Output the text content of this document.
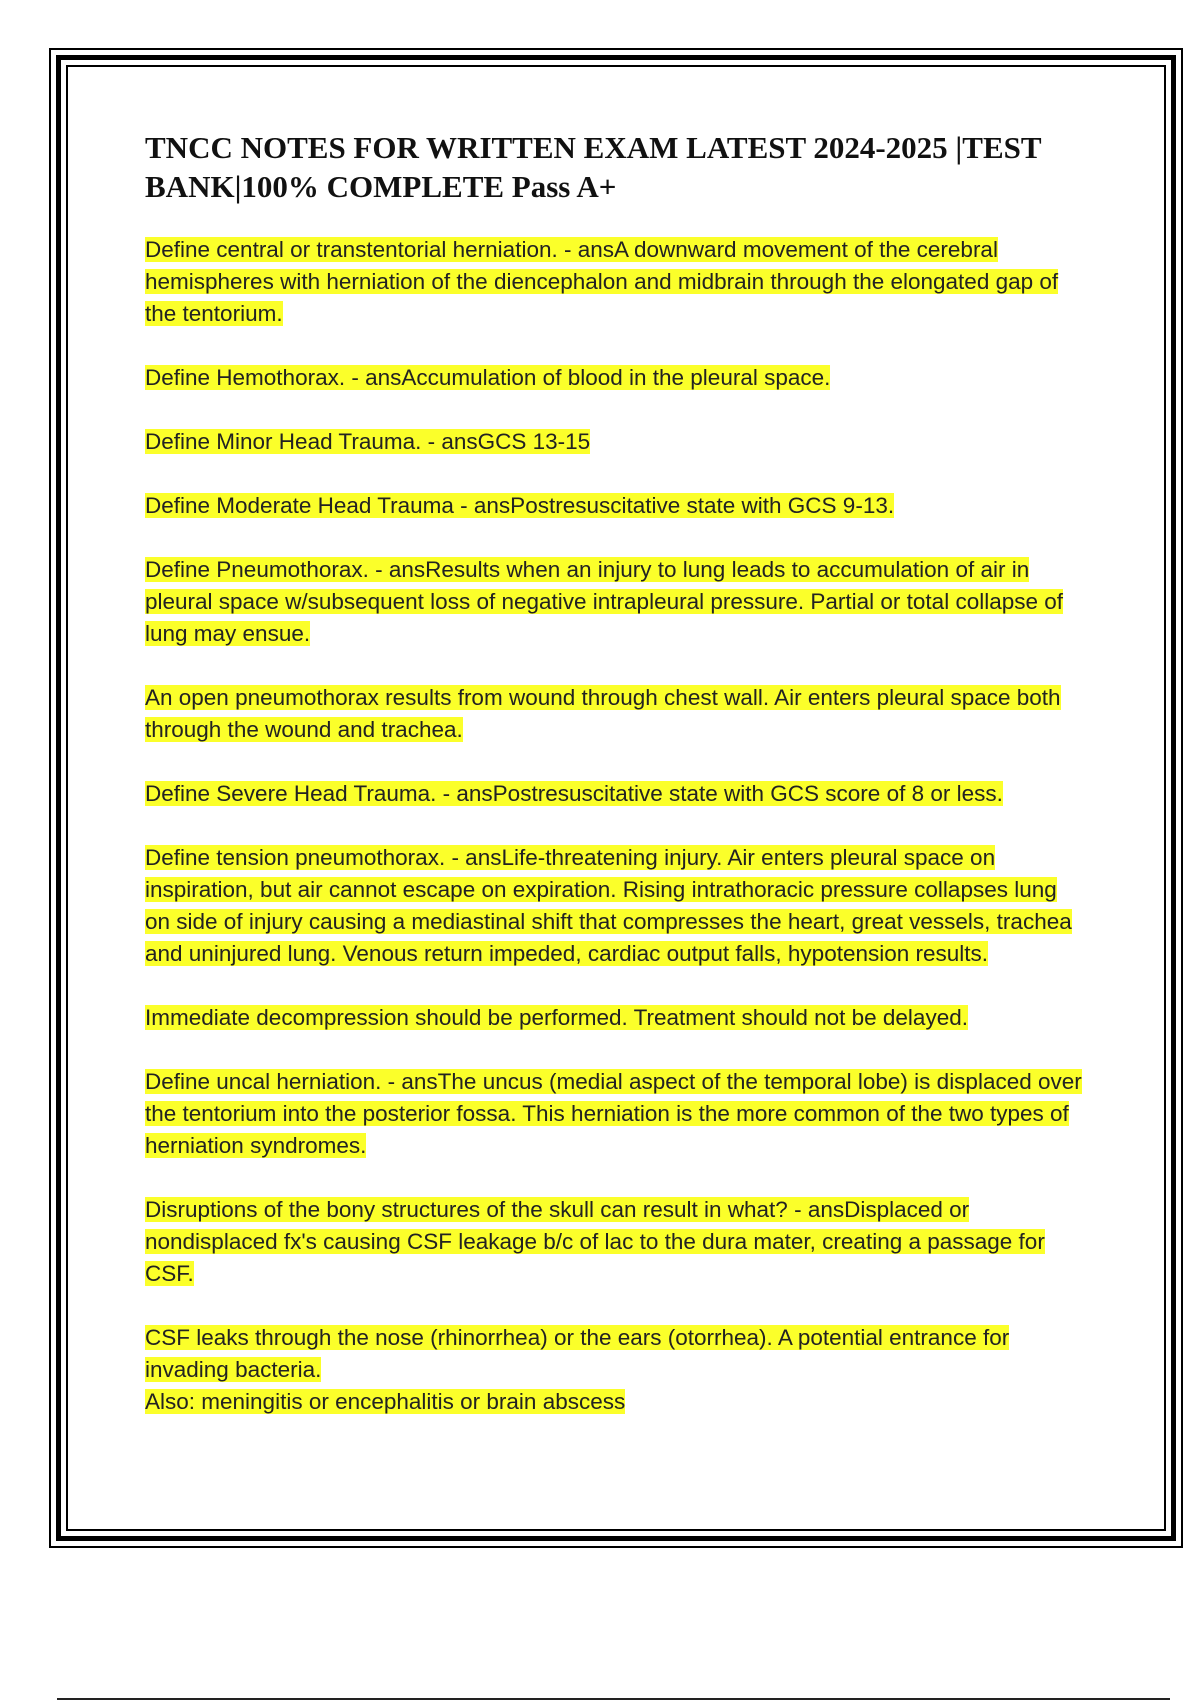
TNCC NOTES FOR WRITTEN EXAM LATEST 2024-2025 |TEST BANK|100% COMPLETE Pass A+

Define central or transtentorial herniation. - ansA downward movement of the cerebral hemispheres with herniation of the diencephalon and midbrain through the elongated gap of the tentorium.

Define Hemothorax. - ansAccumulation of blood in the pleural space.

Define Minor Head Trauma. - ansGCS 13-15

Define Moderate Head Trauma - ansPostresuscitative state with GCS 9-13.

Define Pneumothorax. - ansResults when an injury to lung leads to accumulation of air in pleural space w/subsequent loss of negative intrapleural pressure. Partial or total collapse of lung may ensue.

An open pneumothorax results from wound through chest wall. Air enters pleural space both through the wound and trachea.

Define Severe Head Trauma. - ansPostresuscitative state with GCS score of 8 or less.

Define tension pneumothorax. - ansLife-threatening injury. Air enters pleural space on inspiration, but air cannot escape on expiration. Rising intrathoracic pressure collapses lung on side of injury causing a mediastinal shift that compresses the heart, great vessels, trachea and uninjured lung. Venous return impeded, cardiac output falls, hypotension results.

Immediate decompression should be performed. Treatment should not be delayed.

Define uncal herniation. - ansThe uncus (medial aspect of the temporal lobe) is displaced over the tentorium into the posterior fossa. This herniation is the more common of the two types of herniation syndromes.

Disruptions of the bony structures of the skull can result in what? - ansDisplaced or nondisplaced fx's causing CSF leakage b/c of lac to the dura mater, creating a passage for CSF.

CSF leaks through the nose (rhinorrhea) or the ears (otorrhea). A potential entrance for invading bacteria.
Also: meningitis or encephalitis or brain abscess
